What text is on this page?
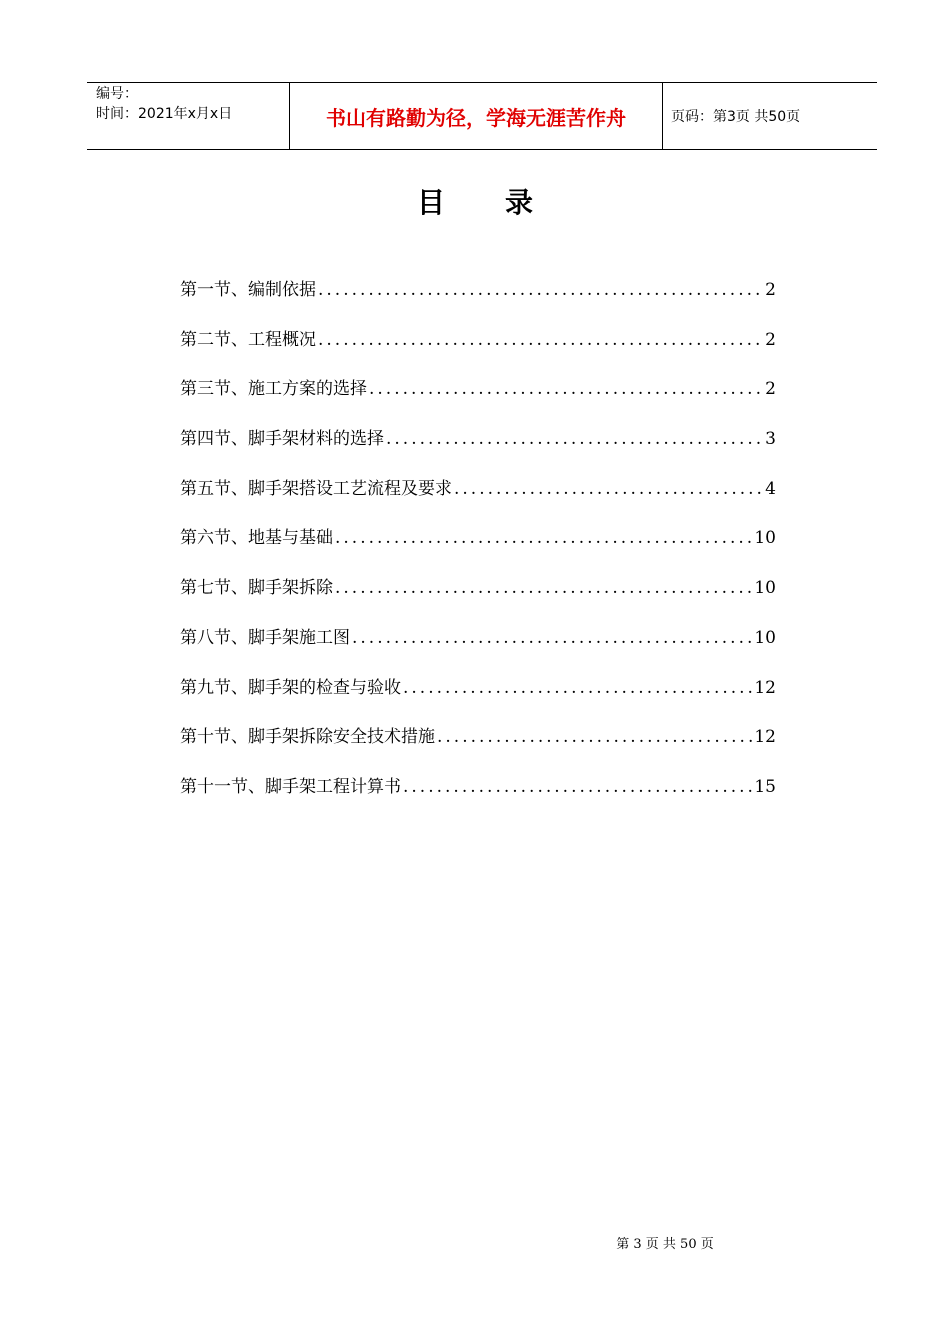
编号：
时间：2021年x月x日	书山有路勤为径，学海无涯苦作舟	页码：第3页 共50页
目录
第一节、编制依据 .....	2
第二节、工程概况 .....	2
第三节、施工方案的选择 .....	2
第四节、脚手架材料的选择 .....	3
第五节、脚手架搭设工艺流程及要求 .....	4
第六节、地基与基础 .....	10
第七节、脚手架拆除 .....	10
第八节、脚手架施工图 .....	10
第九节、脚手架的检查与验收 .....	12
第十节、脚手架拆除安全技术措施 .....	12
第十一节、脚手架工程计算书 .....	15
第 3 页 共 50 页
